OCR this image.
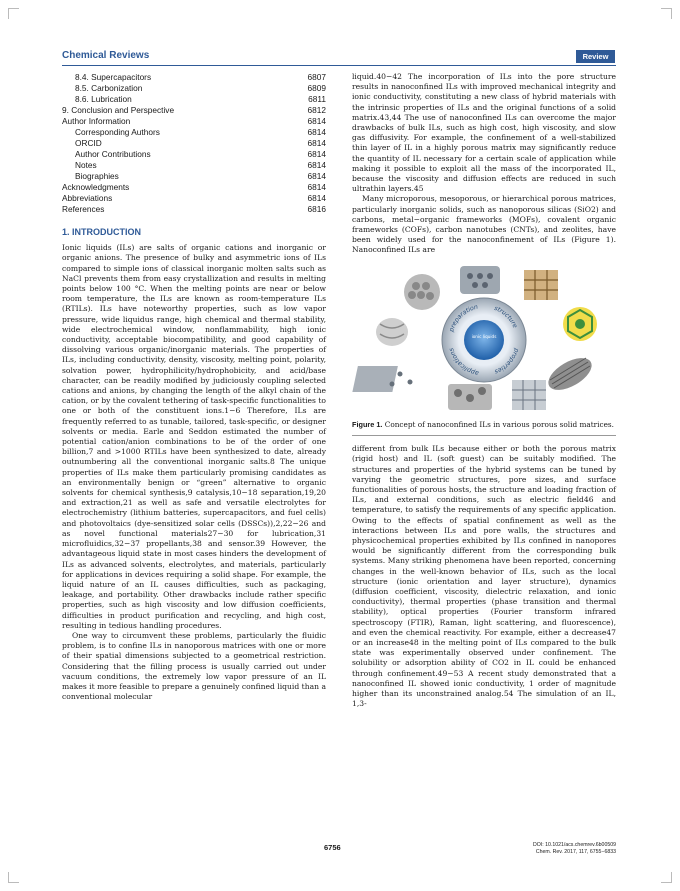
Chemical Reviews	Review
8.4. Supercapacitors	6807
8.5. Carbonization	6809
8.6. Lubrication	6811
9. Conclusion and Perspective	6812
Author Information	6814
Corresponding Authors	6814
ORCID	6814
Author Contributions	6814
Notes	6814
Biographies	6814
Acknowledgments	6814
Abbreviations	6814
References	6816
1. INTRODUCTION

Ionic liquids (ILs) are salts of organic cations and inorganic or organic anions. The presence of bulky and asymmetric ions of ILs compared to simple ions of classical inorganic molten salts such as NaCl prevents them from easy crystallization and results in melting points below 100 °C. When the melting points are near or below room temperature, the ILs are known as room-temperature ILs (RTILs). ILs have noteworthy properties, such as low vapor pressure, wide liquidus range, high chemical and thermal stability, wide electrochemical window, nonflammability, high ionic conductivity, acceptable biocompatibility, and good capability of dissolving various organic/inorganic materials. The properties of ILs, including conductivity, density, viscosity, melting point, polarity, solvation power, hydrophilicity/hydrophobicity, and acid/base character, can be readily modified by judiciously coupling selected cations and anions, by changing the length of the alkyl chain of the cation, or by the covalent tethering of task-specific functionalities to one or both of the constituent ions.1−6 Therefore, ILs are frequently referred to as tunable, tailored, task-specific, or designer solvents or media. Earle and Seddon estimated the number of potential cation/anion combinations to be of the order of one billion,7 and >1000 RTILs have been synthesized to date, already outnumbering all the conventional inorganic salts.8 The unique properties of ILs make them particularly promising candidates as an environmentally benign or “green” alternative to organic solvents for chemical synthesis,9 catalysis,10−18 separation,19,20 and extraction,21 as well as safe and versatile electrolytes for electrochemistry (lithium batteries, supercapacitors, and fuel cells) and photovoltaics (dye-sensitized solar cells (DSSCs)),2,22−26 and as novel functional materials27−30 for lubrication,31 microfluidics,32−37 propellants,38 and sensor.39 However, the advantageous liquid state in most cases hinders the development of ILs as advanced solvents, electrolytes, and materials, particularly for applications in devices requiring a solid shape. For example, the liquid nature of an IL causes difficulties, such as packaging, leakage, and portability. Other drawbacks include rather specific properties, such as high viscosity and low diffusion coefficients, difficulties in product purification and recycling, and high cost, resulting in tedious handling procedures.

One way to circumvent these problems, particularly the fluidic problem, is to confine ILs in nanoporous matrices with one or more of their spatial dimensions subjected to a geometrical restriction. Considering that the filling process is usually carried out under vacuum conditions, the extremely low vapor pressure of an IL makes it more feasible to prepare a genuinely confined liquid than a conventional molecular

liquid.40−42 The incorporation of ILs into the pore structure results in nanoconfined ILs with improved mechanical integrity and ionic conductivity, constituting a new class of hybrid materials with the intrinsic properties of ILs and the original functions of a solid matrix.43,44 The use of nanoconfined ILs can overcome the major drawbacks of bulk ILs, such as high cost, high viscosity, and slow gas diffusivity. For example, the confinement of a well-stabilized thin layer of IL in a highly porous matrix may significantly reduce the quantity of IL necessary for a certain scale of application while making it possible to exploit all the mass of the incorporated IL, because the viscosity and diffusion effects are reduced in such ultrathin layers.45

Many microporous, mesoporous, or hierarchical porous matrices, particularly inorganic solids, such as nanoporous silicas (SiO2) and carbons, metal−organic frameworks (MOFs), covalent organic frameworks (COFs), carbon nanotubes (CNTs), and zeolites, have been widely used for the nanoconfinement of ILs (Figure 1). Nanoconfined ILs are

ionic liquids
preparation structure
properties
applications
Figure 1. Concept of nanoconfined ILs in various porous solid matrices.

different from bulk ILs because either or both the porous matrix (rigid host) and IL (soft guest) can be suitably modified. The structures and properties of the hybrid systems can be tuned by varying the geometric structures, pore sizes, and surface functionalities of porous hosts, the structure and loading fraction of ILs, and external conditions, such as electric field46 and temperature, to satisfy the requirements of any specific application. Owing to the effects of spatial confinement as well as the interactions between ILs and pore walls, the structures and physicochemical properties exhibited by ILs confined in nanopores would be significantly different from the corresponding bulk systems. Many striking phenomena have been reported, concerning changes in the well-known behavior of ILs, such as the local structure (ionic orientation and layer structure), dynamics (diffusion coefficient, viscosity, dielectric relaxation, and ionic conductivity), thermal properties (phase transition and thermal stability), optical properties (Fourier transform infrared spectroscopy (FTIR), Raman, light scattering, and fluorescence), and even the chemical reactivity. For example, either a decrease47 or an increase48 in the melting point of ILs compared to the bulk state was experimentally observed under confinement. The solubility or adsorption ability of CO2 in IL could be enhanced through confinement.49−53 A recent study demonstrated that a nanoconfined IL showed ionic conductivity, 1 order of magnitude higher than its unconstrained analog.54 The simulation of an IL, 1,3-

6756	DOI: 10.1021/acs.chemrev.6b00509
Chem. Rev. 2017, 117, 6755−6833
